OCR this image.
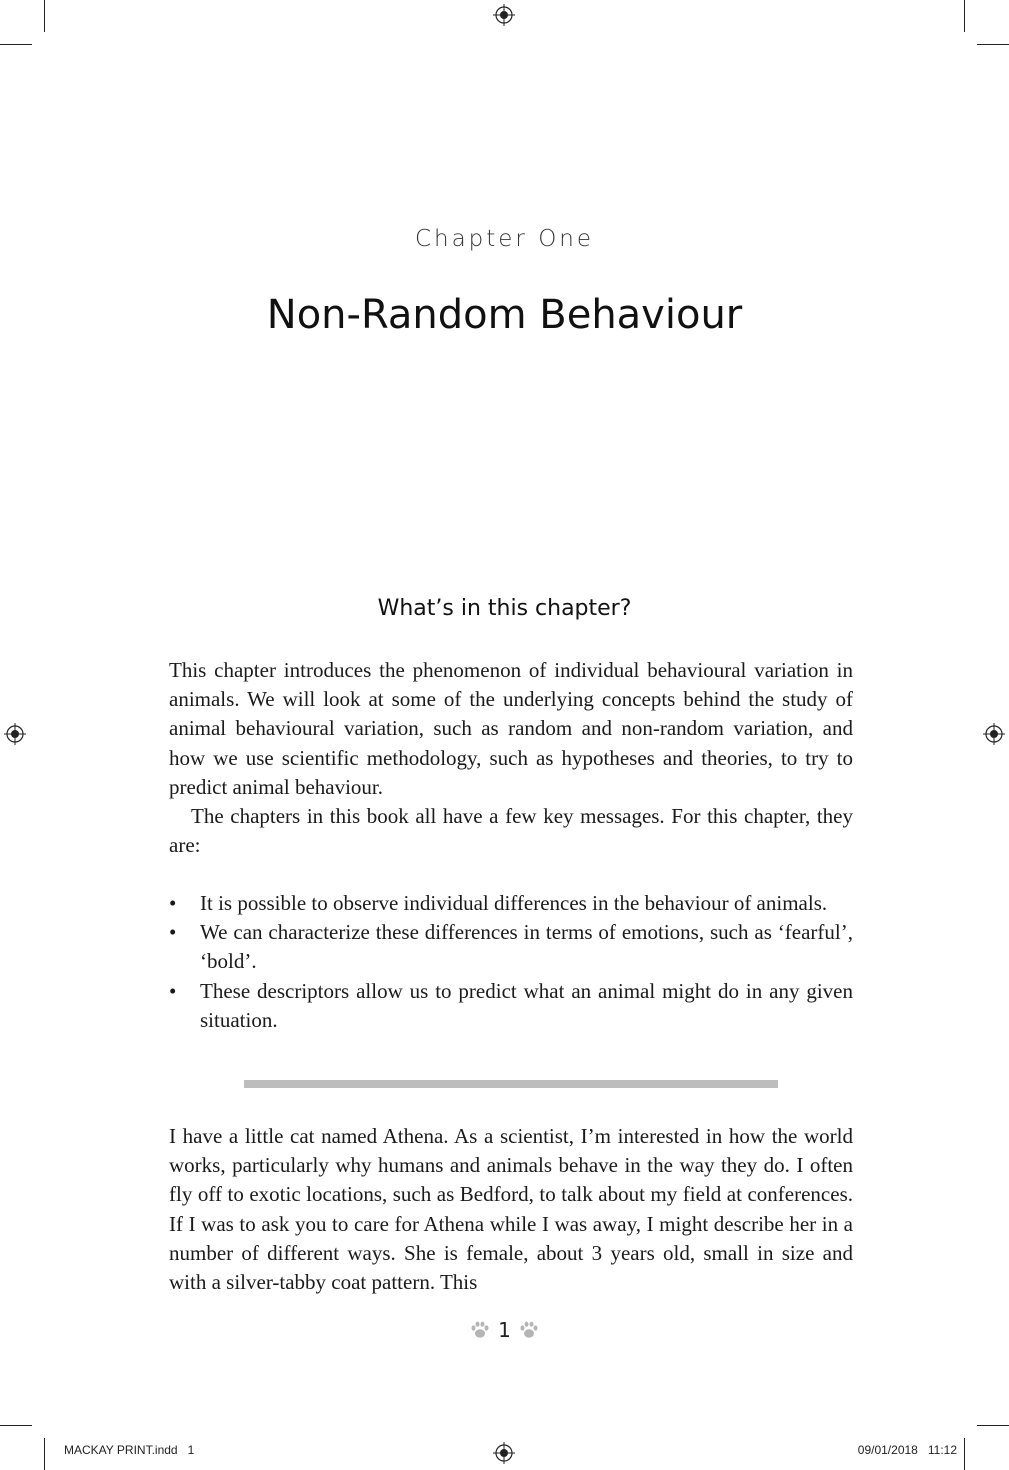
Chapter One
Non-Random Behaviour
What’s in this chapter?

This chapter introduces the phenomenon of individual behavioural variation in animals. We will look at some of the underlying concepts behind the study of animal behavioural variation, such as random and non-random variation, and how we use scientific methodology, such as hypotheses and theories, to try to predict animal behaviour.

The chapters in this book all have a few key messages. For this chapter, they are:

• It is possible to observe individual differences in the behaviour of animals.
• We can characterize these differences in terms of emotions, such as ‘fearful’, ‘bold’.
• These descriptors allow us to predict what an animal might do in any given situation.

I have a little cat named Athena. As a scientist, I’m interested in how the world works, particularly why humans and animals behave in the way they do. I often fly off to exotic locations, such as Bedford, to talk about my field at conferences. If I was to ask you to care for Athena while I was away, I might describe her in a number of different ways. She is female, about 3 years old, small in size and with a silver-tabby coat pattern. This

1
MACKAY PRINT.indd   1	09/01/2018 11:12
